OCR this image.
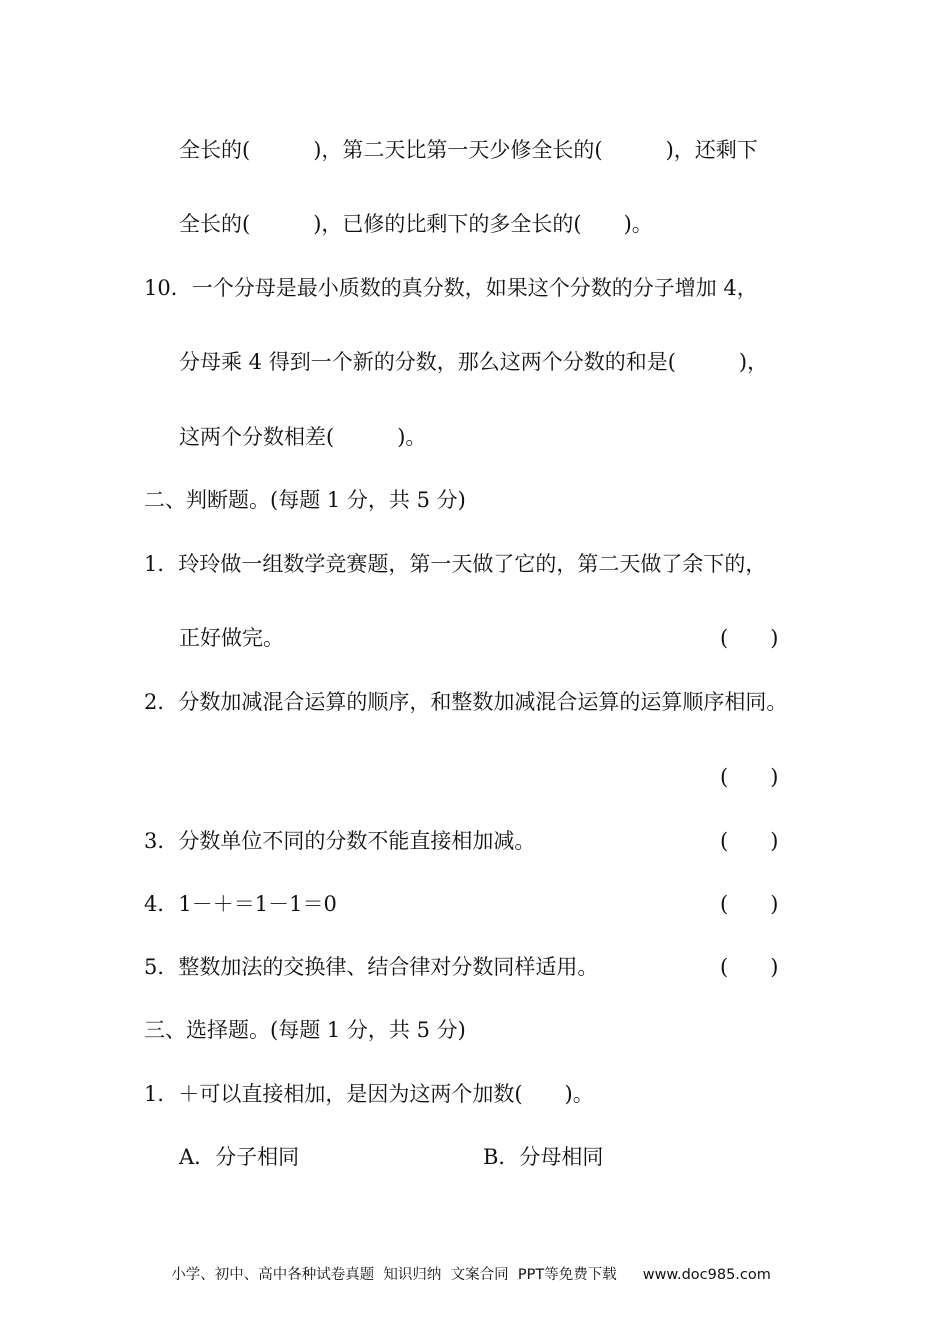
全长的(　　　)，第二天比第一天少修全长的(　　　)，还剩下
全长的(　　　)，已修的比剩下的多全长的(　　)。
10．一个分母是最小质数的真分数，如果这个分数的分子增加 4，
分母乘 4 得到一个新的分数，那么这两个分数的和是(　　　)，
这两个分数相差(　　　)。
二、判断题。(每题 1 分，共 5 分)
1．玲玲做一组数学竞赛题，第一天做了它的，第二天做了余下的，
正好做完。	(　　)
2．分数加减混合运算的顺序，和整数加减混合运算的运算顺序相同。
(　　)
3．分数单位不同的分数不能直接相加减。	(　　)
4．1－＋＝1－1＝0	(　　)
5．整数加法的交换律、结合律对分数同样适用。	(　　)
三、选择题。(每题 1 分，共 5 分)
1．＋可以直接相加，是因为这两个加数(　　)。
A．分子相同	B．分母相同

小学、初中、高中各种试卷真题  知识归纳  文案合同  PPT等免费下载 www.doc985.com
